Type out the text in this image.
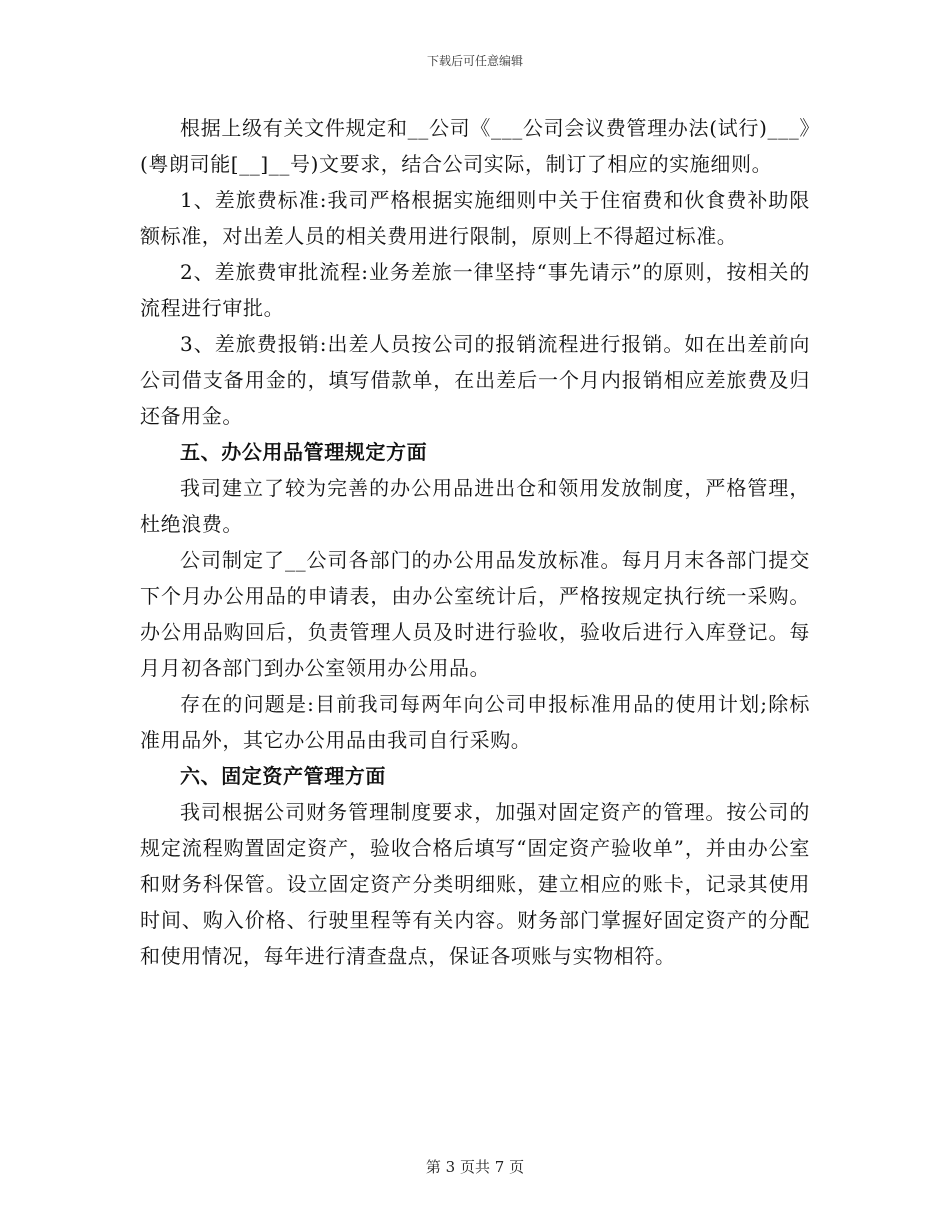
下载后可任意编辑

根据上级有关文件规定和__公司《___公司会议费管理办法(试行)___》(粤朗司能[__]__号)文要求，结合公司实际，制订了相应的实施细则。

1、差旅费标准:我司严格根据实施细则中关于住宿费和伙食费补助限额标准，对出差人员的相关费用进行限制，原则上不得超过标准。

2、差旅费审批流程:业务差旅一律坚持“事先请示”的原则，按相关的流程进行审批。

3、差旅费报销:出差人员按公司的报销流程进行报销。如在出差前向公司借支备用金的，填写借款单，在出差后一个月内报销相应差旅费及归还备用金。

五、办公用品管理规定方面

我司建立了较为完善的办公用品进出仓和领用发放制度，严格管理，杜绝浪费。

公司制定了__公司各部门的办公用品发放标准。每月月末各部门提交下个月办公用品的申请表，由办公室统计后，严格按规定执行统一采购。办公用品购回后，负责管理人员及时进行验收，验收后进行入库登记。每月月初各部门到办公室领用办公用品。

存在的问题是:目前我司每两年向公司申报标准用品的使用计划;除标准用品外，其它办公用品由我司自行采购。

六、固定资产管理方面

我司根据公司财务管理制度要求，加强对固定资产的管理。按公司的规定流程购置固定资产，验收合格后填写“固定资产验收单”，并由办公室和财务科保管。设立固定资产分类明细账，建立相应的账卡，记录其使用时间、购入价格、行驶里程等有关内容。财务部门掌握好固定资产的分配和使用情况，每年进行清查盘点，保证各项账与实物相符。

第 3 页共 7 页
